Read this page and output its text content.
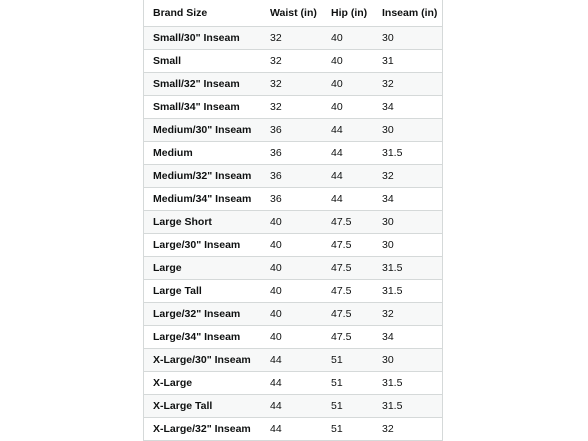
Brand Size	Waist (in)	Hip (in)	Inseam (in)
Small/30" Inseam	32	40	30
Small	32	40	31
Small/32" Inseam	32	40	32
Small/34" Inseam	32	40	34
Medium/30" Inseam	36	44	30
Medium	36	44	31.5
Medium/32" Inseam	36	44	32
Medium/34" Inseam	36	44	34
Large Short	40	47.5	30
Large/30" Inseam	40	47.5	30
Large	40	47.5	31.5
Large Tall	40	47.5	31.5
Large/32" Inseam	40	47.5	32
Large/34" Inseam	40	47.5	34
X-Large/30" Inseam	44	51	30
X-Large	44	51	31.5
X-Large Tall	44	51	31.5
X-Large/32" Inseam	44	51	32
